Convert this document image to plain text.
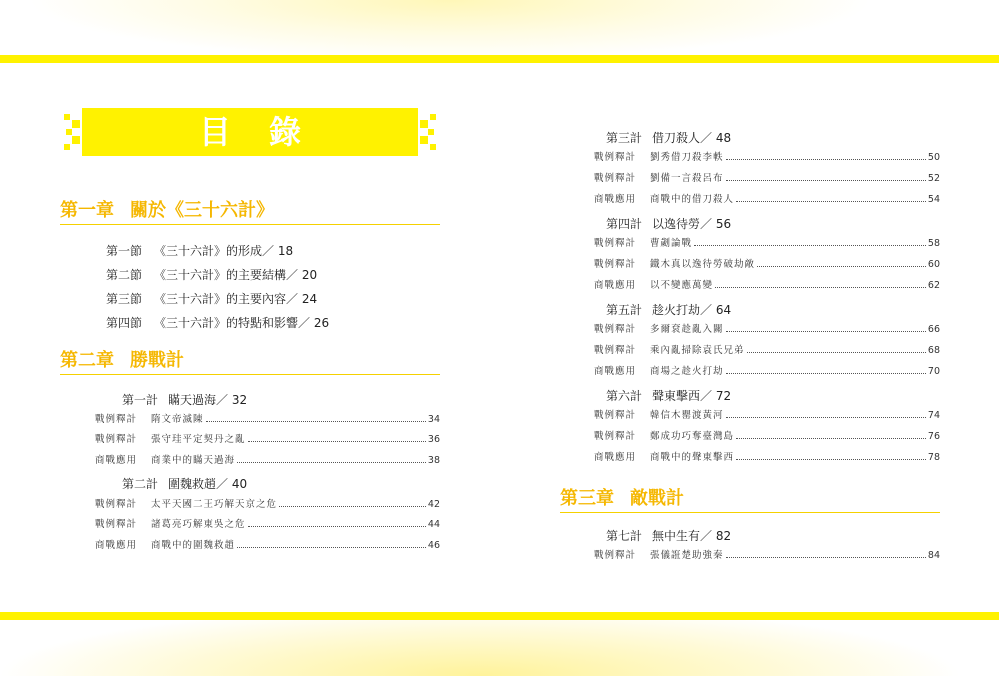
目錄
第一章 關於《三十六計》
第一節 《三十六計》的形成／ 18
第二節 《三十六計》的主要結構／ 20
第三節 《三十六計》的主要內容／ 24
第四節 《三十六計》的特點和影響／ 26
第二章 勝戰計
第一計 瞞天過海／ 32
戰例釋計	隋文帝滅陳	34
戰例釋計	張守珪平定契丹之亂	36
商戰應用	商業中的瞞天過海	38
第二計 圍魏救趙／ 40
戰例釋計	太平天國二王巧解天京之危	42
戰例釋計	諸葛亮巧解東吳之危	44
商戰應用	商戰中的圍魏救趙	46
第三計 借刀殺人／ 48
戰例釋計	劉秀借刀殺李軼	50
戰例釋計	劉備一言殺呂布	52
商戰應用	商戰中的借刀殺人	54
第四計 以逸待勞／ 56
戰例釋計	曹劌論戰	58
戰例釋計	鐵木真以逸待勞破劫敵	60
商戰應用	以不變應萬變	62
第五計 趁火打劫／ 64
戰例釋計	多爾袞趁亂入關	66
戰例釋計	乘內亂掃除袁氏兄弟	68
商戰應用	商場之趁火打劫	70
第六計 聲東擊西／ 72
戰例釋計	韓信木罌渡黃河	74
戰例釋計	鄭成功巧奪臺灣島	76
商戰應用	商戰中的聲東擊西	78
第三章 敵戰計
第七計 無中生有／ 82
戰例釋計	張儀誑楚助強秦	84
